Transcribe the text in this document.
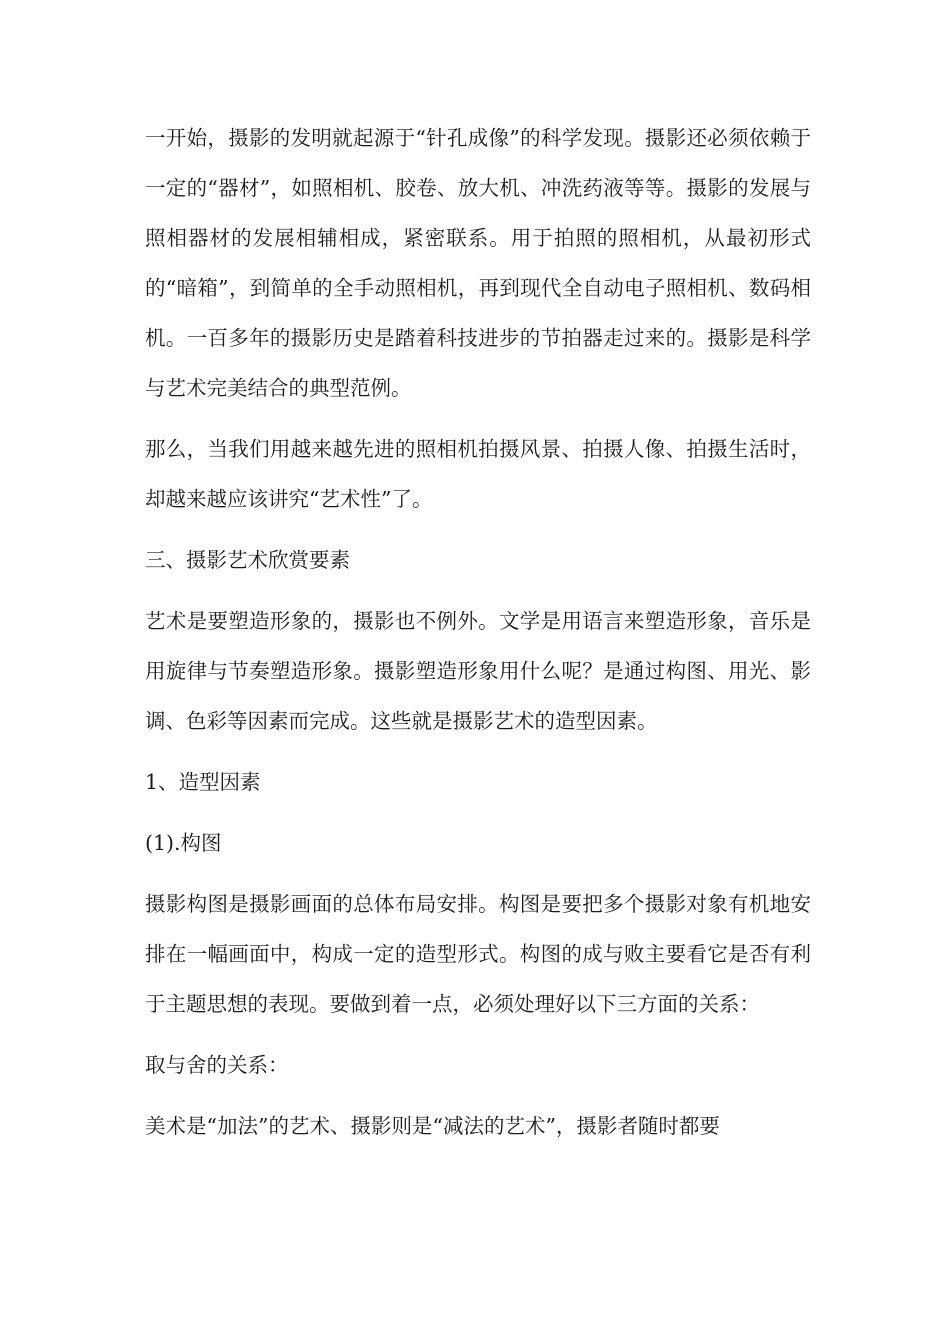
一开始，摄影的发明就起源于“针孔成像”的科学发现。摄影还必须依赖于一定的“器材”，如照相机、胶卷、放大机、冲洗药液等等。摄影的发展与照相器材的发展相辅相成，紧密联系。用于拍照的照相机，从最初形式的“暗箱”，到简单的全手动照相机，再到现代全自动电子照相机、数码相机。一百多年的摄影历史是踏着科技进步的节拍器走过来的。摄影是科学与艺术完美结合的典型范例。

那么，当我们用越来越先进的照相机拍摄风景、拍摄人像、拍摄生活时，却越来越应该讲究“艺术性”了。

三、摄影艺术欣赏要素

艺术是要塑造形象的，摄影也不例外。文学是用语言来塑造形象，音乐是用旋律与节奏塑造形象。摄影塑造形象用什么呢？是通过构图、用光、影调、色彩等因素而完成。这些就是摄影艺术的造型因素。

1、造型因素

(1).构图

摄影构图是摄影画面的总体布局安排。构图是要把多个摄影对象有机地安排在一幅画面中，构成一定的造型形式。构图的成与败主要看它是否有利于主题思想的表现。要做到着一点，必须处理好以下三方面的关系：

取与舍的关系：

美术是“加法”的艺术、摄影则是“减法的艺术”，摄影者随时都要
